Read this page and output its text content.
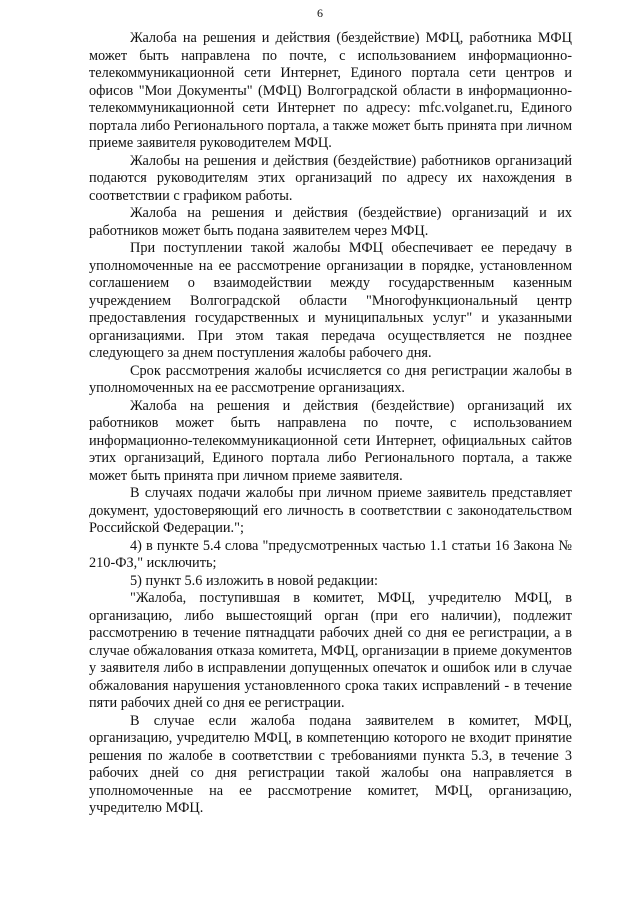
6

Жалоба на решения и действия (бездействие) МФЦ, работника МФЦ может быть направлена по почте, с использованием информационно-телекоммуникационной сети Интернет, Единого портала сети центров и офисов "Мои Документы" (МФЦ) Волгоградской области в информационно-телекоммуникационной сети Интернет по адресу: mfc.volganet.ru, Единого портала либо Регионального портала, а также может быть принята при личном приеме заявителя руководителем МФЦ.

Жалобы на решения и действия (бездействие) работников организаций подаются руководителям этих организаций по адресу их нахождения в соответствии с графиком работы.

Жалоба на решения и действия (бездействие) организаций и их работников может быть подана заявителем через МФЦ.

При поступлении такой жалобы МФЦ обеспечивает ее передачу в уполномоченные на ее рассмотрение организации в порядке, установленном соглашением о взаимодействии между государственным казенным учреждением Волгоградской области "Многофункциональный центр предоставления государственных и муниципальных услуг" и указанными организациями. При этом такая передача осуществляется не позднее следующего за днем поступления жалобы рабочего дня.

Срок рассмотрения жалобы исчисляется со дня регистрации жалобы в уполномоченных на ее рассмотрение организациях.

Жалоба на решения и действия (бездействие) организаций их работников может быть направлена по почте, с использованием информационно-телекоммуникационной сети Интернет, официальных сайтов этих организаций, Единого портала либо Регионального портала, а также может быть принята при личном приеме заявителя.

В случаях подачи жалобы при личном приеме заявитель представляет документ, удостоверяющий его личность в соответствии с законодательством Российской Федерации.";

4) в пункте 5.4 слова "предусмотренных частью 1.1 статьи 16 Закона № 210-ФЗ," исключить;

5) пункт 5.6 изложить в новой редакции:

"Жалоба, поступившая в комитет, МФЦ, учредителю МФЦ, в организацию, либо вышестоящий орган (при его наличии), подлежит рассмотрению в течение пятнадцати рабочих дней со дня ее регистрации, а в случае обжалования отказа комитета, МФЦ, организации в приеме документов у заявителя либо в исправлении допущенных опечаток и ошибок или в случае обжалования нарушения установленного срока таких исправлений - в течение пяти рабочих дней со дня ее регистрации.

В случае если жалоба подана заявителем в комитет, МФЦ, организацию, учредителю МФЦ, в компетенцию которого не входит принятие решения по жалобе в соответствии с требованиями пункта 5.3, в течение 3 рабочих дней со дня регистрации такой жалобы она направляется в уполномоченные на ее рассмотрение комитет, МФЦ, организацию, учредителю МФЦ.
